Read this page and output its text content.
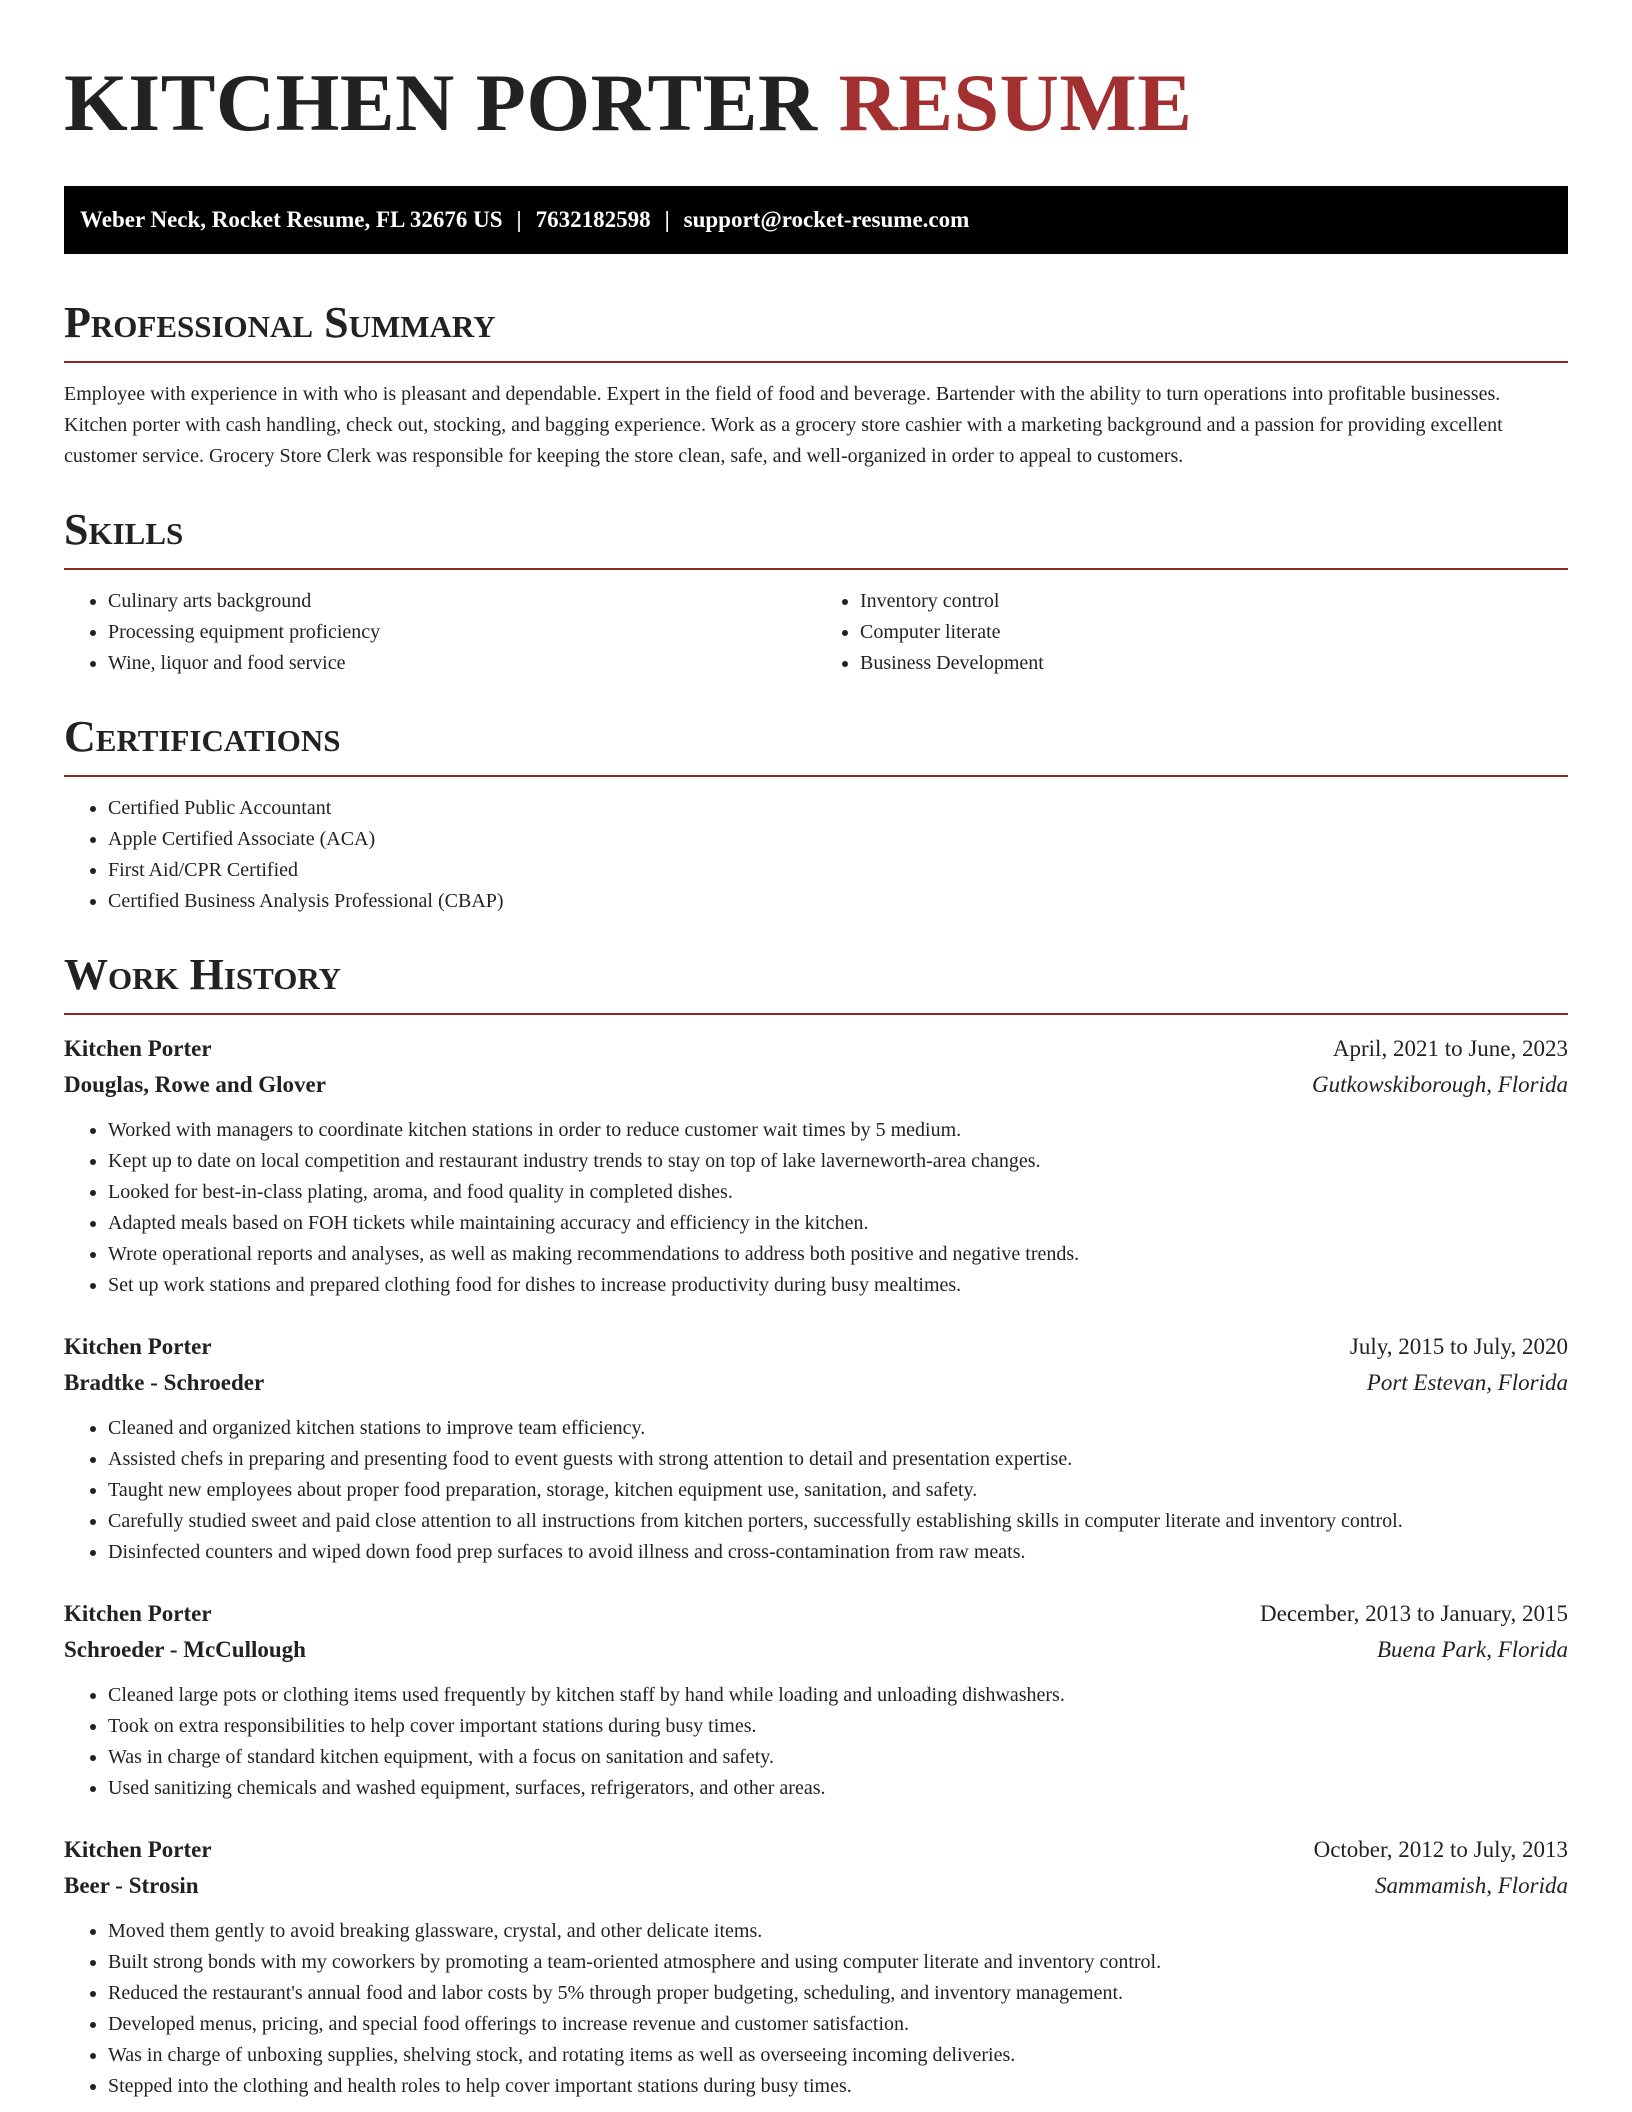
KITCHEN PORTER RESUME
Weber Neck, Rocket Resume, FL 32676 US | 7632182598 | support@rocket-resume.com
Professional Summary

Employee with experience in with who is pleasant and dependable. Expert in the field of food and beverage. Bartender with the ability to turn operations into profitable businesses. Kitchen porter with cash handling, check out, stocking, and bagging experience. Work as a grocery store cashier with a marketing background and a passion for providing excellent customer service. Grocery Store Clerk was responsible for keeping the store clean, safe, and well-organized in order to appeal to customers.

Skills
• Culinary arts background
• Processing equipment proficiency
• Wine, liquor and food service
• Inventory control
• Computer literate
• Business Development
Certifications
• Certified Public Accountant
• Apple Certified Associate (ACA)
• First Aid/CPR Certified
• Certified Business Analysis Professional (CBAP)
Work History
Kitchen Porter	April, 2021 to June, 2023
Douglas, Rowe and Glover	Gutkowskiborough, Florida
• Worked with managers to coordinate kitchen stations in order to reduce customer wait times by 5 medium.
• Kept up to date on local competition and restaurant industry trends to stay on top of lake laverneworth-area changes.
• Looked for best-in-class plating, aroma, and food quality in completed dishes.
• Adapted meals based on FOH tickets while maintaining accuracy and efficiency in the kitchen.
• Wrote operational reports and analyses, as well as making recommendations to address both positive and negative trends.
• Set up work stations and prepared clothing food for dishes to increase productivity during busy mealtimes.
Kitchen Porter	July, 2015 to July, 2020
Bradtke - Schroeder	Port Estevan, Florida
• Cleaned and organized kitchen stations to improve team efficiency.
• Assisted chefs in preparing and presenting food to event guests with strong attention to detail and presentation expertise.
• Taught new employees about proper food preparation, storage, kitchen equipment use, sanitation, and safety.
• Carefully studied sweet and paid close attention to all instructions from kitchen porters, successfully establishing skills in computer literate and inventory control.
• Disinfected counters and wiped down food prep surfaces to avoid illness and cross-contamination from raw meats.
Kitchen Porter	December, 2013 to January, 2015
Schroeder - McCullough	Buena Park, Florida
• Cleaned large pots or clothing items used frequently by kitchen staff by hand while loading and unloading dishwashers.
• Took on extra responsibilities to help cover important stations during busy times.
• Was in charge of standard kitchen equipment, with a focus on sanitation and safety.
• Used sanitizing chemicals and washed equipment, surfaces, refrigerators, and other areas.
Kitchen Porter	October, 2012 to July, 2013
Beer - Strosin	Sammamish, Florida
• Moved them gently to avoid breaking glassware, crystal, and other delicate items.
• Built strong bonds with my coworkers by promoting a team-oriented atmosphere and using computer literate and inventory control.
• Reduced the restaurant's annual food and labor costs by 5% through proper budgeting, scheduling, and inventory management.
• Developed menus, pricing, and special food offerings to increase revenue and customer satisfaction.
• Was in charge of unboxing supplies, shelving stock, and rotating items as well as overseeing incoming deliveries.
• Stepped into the clothing and health roles to help cover important stations during busy times.
